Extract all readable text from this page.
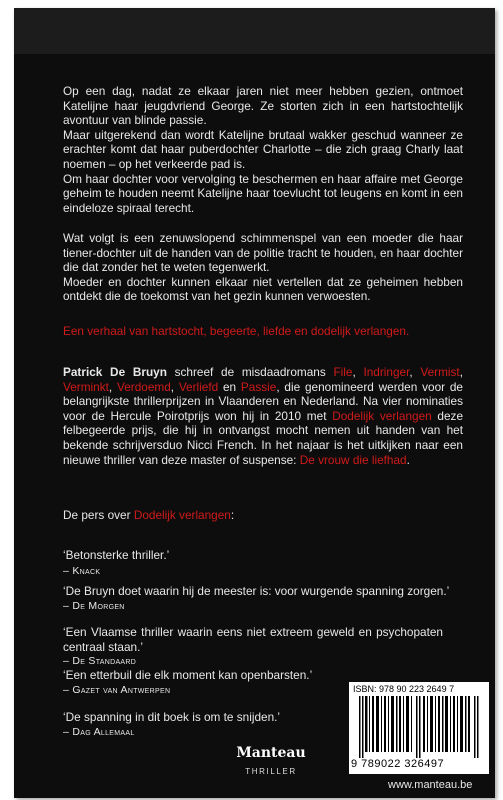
Op een dag, nadat ze elkaar jaren niet meer hebben gezien, ontmoet Katelijne haar jeugdvriend George. Ze storten zich in een hartstochtelijk avontuur van blinde passie.

Maar uitgerekend dan wordt Katelijne brutaal wakker geschud wanneer ze erachter komt dat haar puberdochter Charlotte – die zich graag Charly laat noemen – op het verkeerde pad is.

Om haar dochter voor vervolging te beschermen en haar affaire met George geheim te houden neemt Katelijne haar toevlucht tot leugens en komt in een eindeloze spiraal terecht.

Wat volgt is een zenuwslopend schimmenspel van een moeder die haar tiener-dochter uit de handen van de politie tracht te houden, en haar dochter die dat zonder het te weten tegenwerkt.

Moeder en dochter kunnen elkaar niet vertellen dat ze geheimen hebben ontdekt die de toekomst van het gezin kunnen verwoesten.

Een verhaal van hartstocht, begeerte, liefde en dodelijk verlangen.

Patrick De Bruyn schreef de misdaadromans File, Indringer, Vermist, Verminkt, Verdoemd, Verliefd en Passie, die genomineerd werden voor de belangrijkste thrillerprijzen in Vlaanderen en Nederland. Na vier nominaties voor de Hercule Poirotprijs won hij in 2010 met Dodelijk verlangen deze felbegeerde prijs, die hij in ontvangst mocht nemen uit handen van het bekende schrijversduo Nicci French. In het najaar is het uitkijken naar een nieuwe thriller van deze master of suspense: De vrouw die liefhad.

De pers over Dodelijk verlangen:

‘Betonsterke thriller.’

– Knack

‘De Bruyn doet waarin hij de meester is: voor wurgende spanning zorgen.’

– De Morgen

‘Een Vlaamse thriller waarin eens niet extreem geweld en psychopaten centraal staan.’

– De Standaard

‘Een etterbuil die elk moment kan openbarsten.’

– Gazet van Antwerpen

‘De spanning in dit boek is om te snijden.’

– Dag Allemaal

Manteau
THRILLER
ISBN: 978 90 223 2649 7
9 789022 326497
www.manteau.be
